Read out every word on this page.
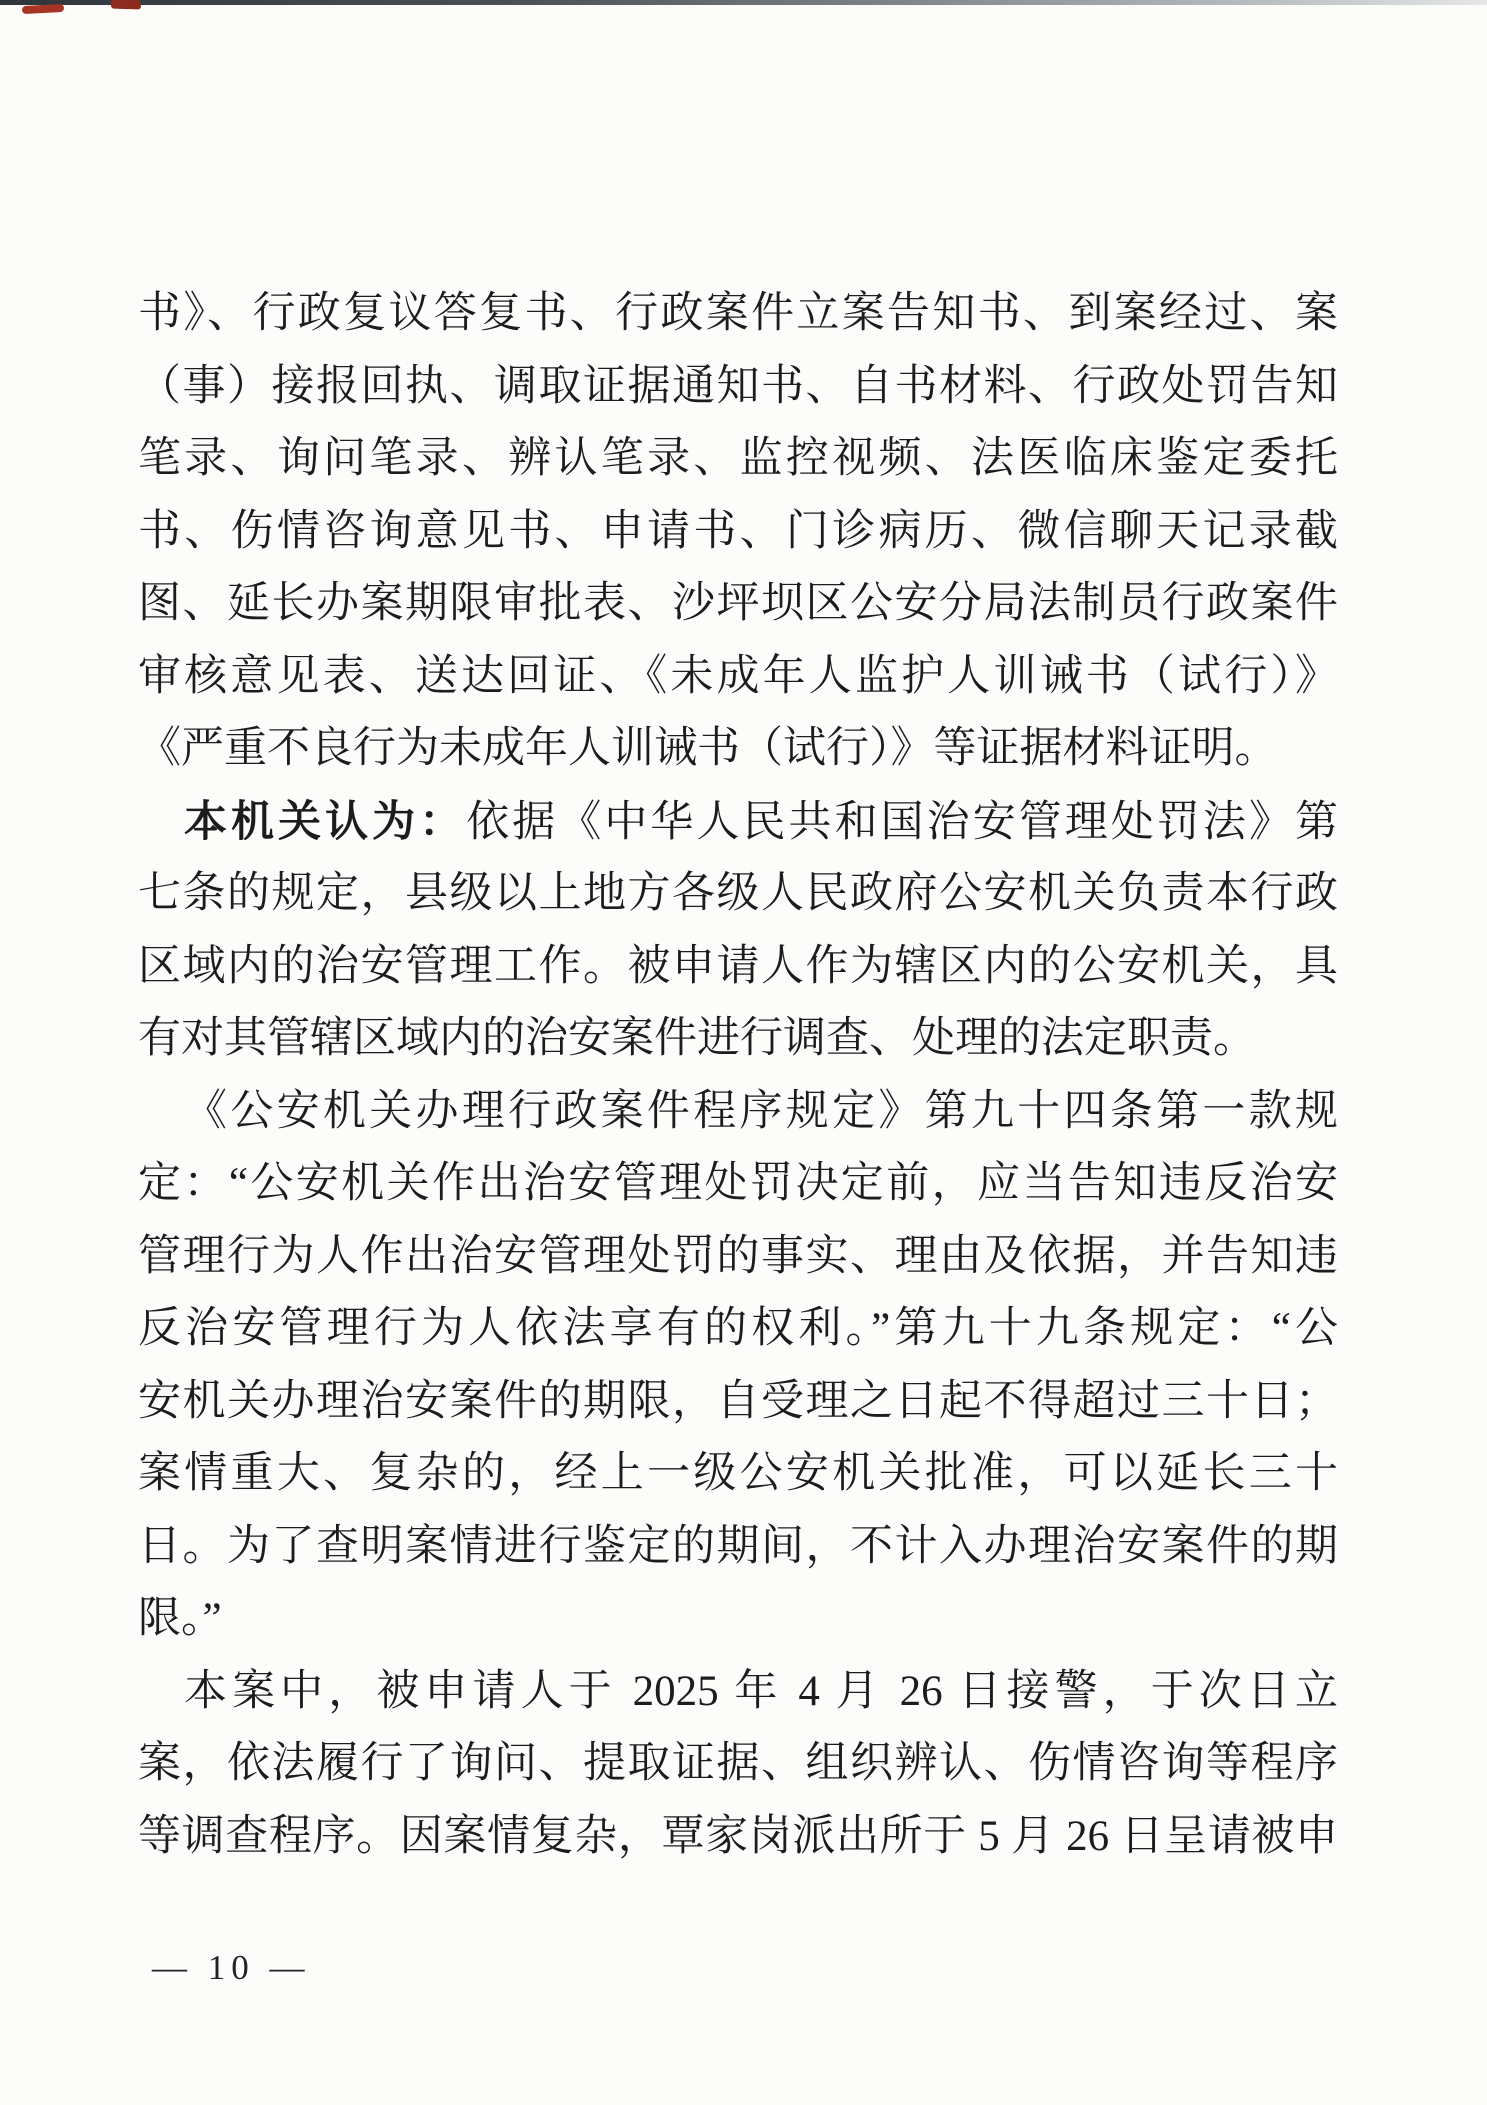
书》、行政复议答复书、行政案件立案告知书、到案经过、案
（事）接报回执、调取证据通知书、自书材料、行政处罚告知
笔录、询问笔录、辨认笔录、监控视频、法医临床鉴定委托
书、伤情咨询意见书、申请书、门诊病历、微信聊天记录截
图、延长办案期限审批表、沙坪坝区公安分局法制员行政案件
审核意见表、送达回证、《未成年人监护人训诫书（试行）》
《严重不良行为未成年人训诫书（试行）》等证据材料证明。
本机关认为：依据《中华人民共和国治安管理处罚法》第
七条的规定，县级以上地方各级人民政府公安机关负责本行政
区域内的治安管理工作。被申请人作为辖区内的公安机关，具
有对其管辖区域内的治安案件进行调查、处理的法定职责。
《公安机关办理行政案件程序规定》第九十四条第一款规
定：“公安机关作出治安管理处罚决定前，应当告知违反治安
管理行为人作出治安管理处罚的事实、理由及依据，并告知违
反治安管理行为人依法享有的权利。”第九十九条规定：“公
安机关办理治安案件的期限，自受理之日起不得超过三十日；
案情重大、复杂的，经上一级公安机关批准，可以延长三十
日。为了查明案情进行鉴定的期间，不计入办理治安案件的期
限。”
本案中，被申请人于 2025 年 4 月 26 日接警，于次日立
案，依法履行了询问、提取证据、组织辨认、伤情咨询等程序
等调查程序。因案情复杂，覃家岗派出所于 5 月 26 日呈请被申
— 10 —
